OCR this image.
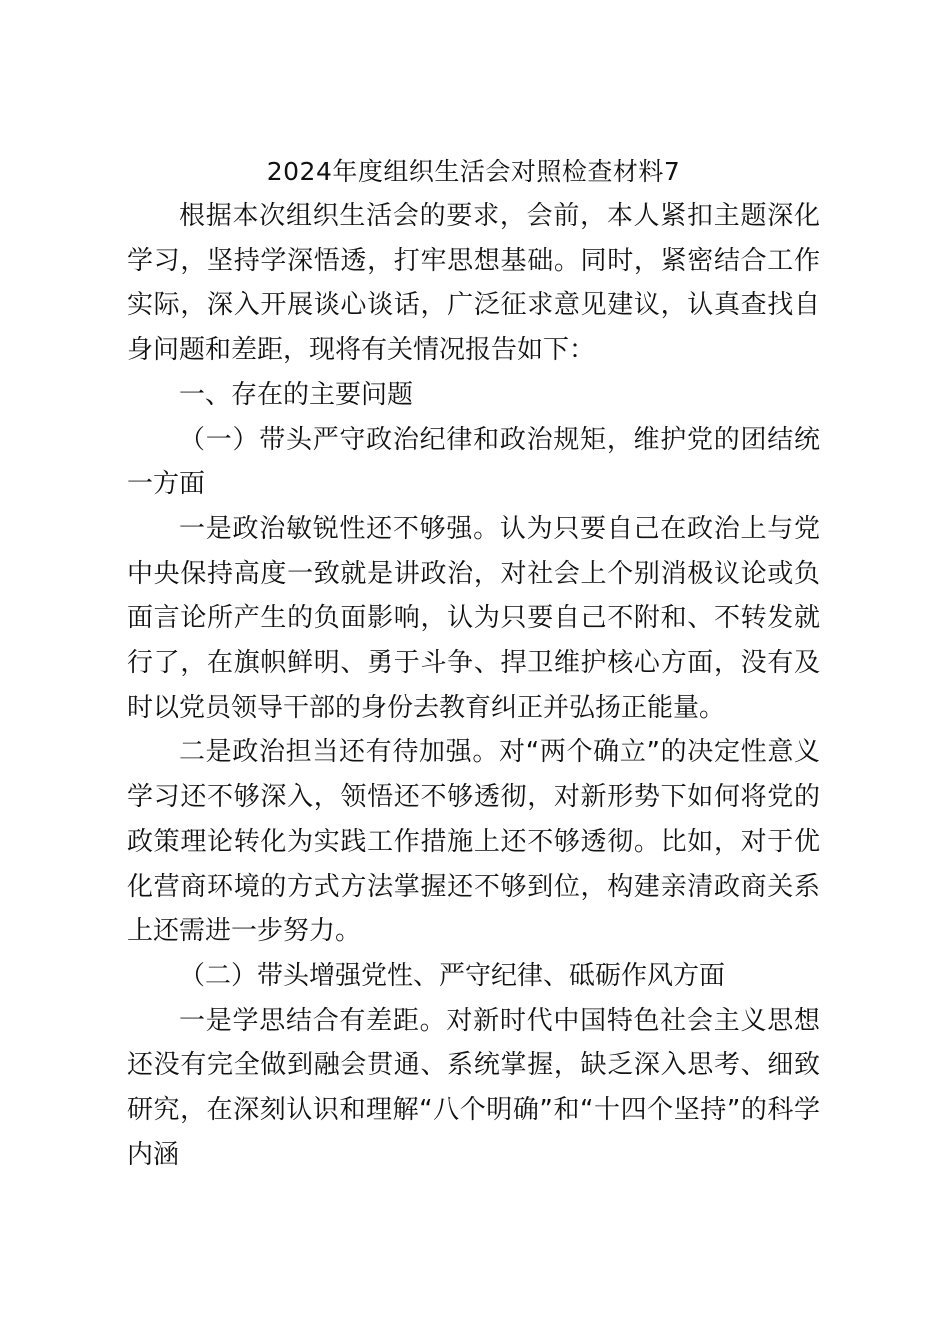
2024年度组织生活会对照检查材料7

根据本次组织生活会的要求，会前，本人紧扣主题深化学习，坚持学深悟透，打牢思想基础。同时，紧密结合工作实际，深入开展谈心谈话，广泛征求意见建议，认真查找自身问题和差距，现将有关情况报告如下：

一、存在的主要问题

（一）带头严守政治纪律和政治规矩，维护党的团结统一方面

一是政治敏锐性还不够强。认为只要自己在政治上与党中央保持高度一致就是讲政治，对社会上个别消极议论或负面言论所产生的负面影响，认为只要自己不附和、不转发就行了，在旗帜鲜明、勇于斗争、捍卫维护核心方面，没有及时以党员领导干部的身份去教育纠正并弘扬正能量。

二是政治担当还有待加强。对“两个确立”的决定性意义学习还不够深入，领悟还不够透彻，对新形势下如何将党的政策理论转化为实践工作措施上还不够透彻。比如，对于优化营商环境的方式方法掌握还不够到位，构建亲清政商关系上还需进一步努力。

（二）带头增强党性、严守纪律、砥砺作风方面

一是学思结合有差距。对新时代中国特色社会主义思想还没有完全做到融会贯通、系统掌握，缺乏深入思考、细致研究，在深刻认识和理解“八个明确”和“十四个坚持”的科学内涵
